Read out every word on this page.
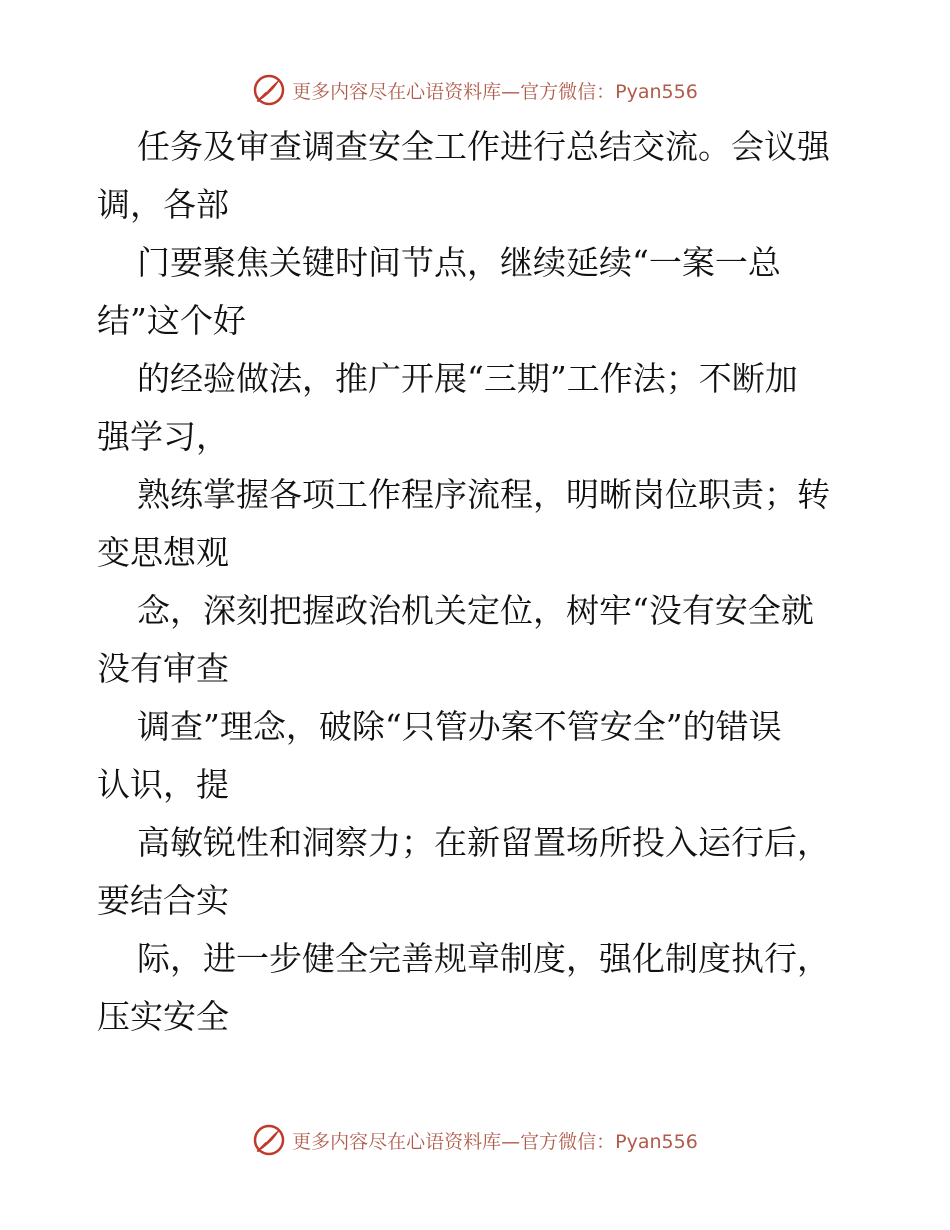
更多内容尽在心语资料库—官方微信：Pyan556

任务及审查调查安全工作进行总结交流。会议强
调，各部

门要聚焦关键时间节点，继续延续“一案一总
结”这个好

的经验做法，推广开展“三期”工作法；不断加
强学习，

熟练掌握各项工作程序流程，明晰岗位职责；转
变思想观

念，深刻把握政治机关定位，树牢“没有安全就
没有审查

调查”理念，破除“只管办案不管安全”的错误
认识，提

高敏锐性和洞察力；在新留置场所投入运行后，
要结合实

际，进一步健全完善规章制度，强化制度执行，
压实安全

更多内容尽在心语资料库—官方微信：Pyan556
